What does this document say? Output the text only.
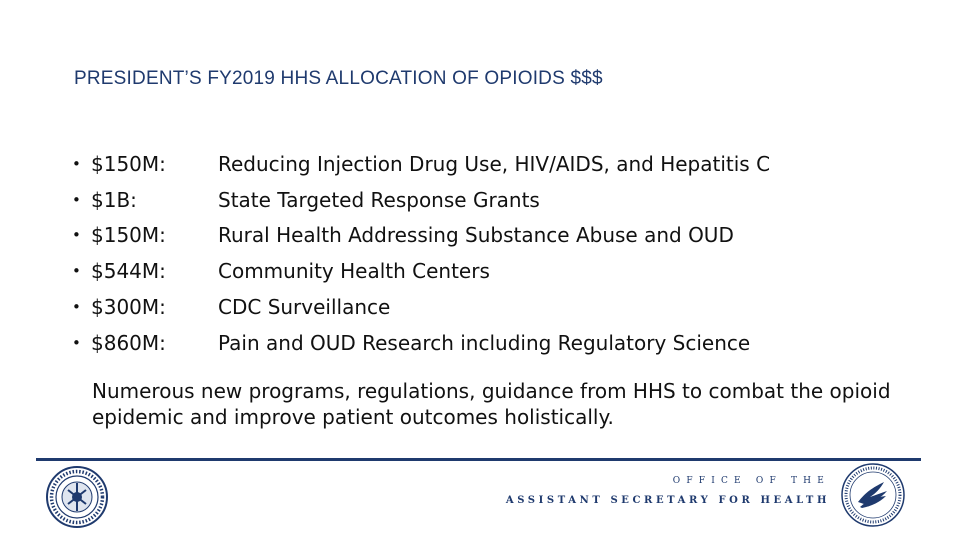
PRESIDENT’S FY2019 HHS ALLOCATION OF OPIOIDS $$$
• $150M:	Reducing Injection Drug Use, HIV/AIDS, and Hepatitis C
• $1B:	State Targeted Response Grants
• $150M:	Rural Health Addressing Substance Abuse and OUD
• $544M:	Community Health Centers
• $300M:	CDC Surveillance
• $860M:	Pain and OUD Research including Regulatory Science
Numerous new programs, regulations, guidance from HHS to combat the opioid epidemic and improve patient outcomes holistically.
OFFICE OF THE
ASSISTANT SECRETARY FOR HEALTH
